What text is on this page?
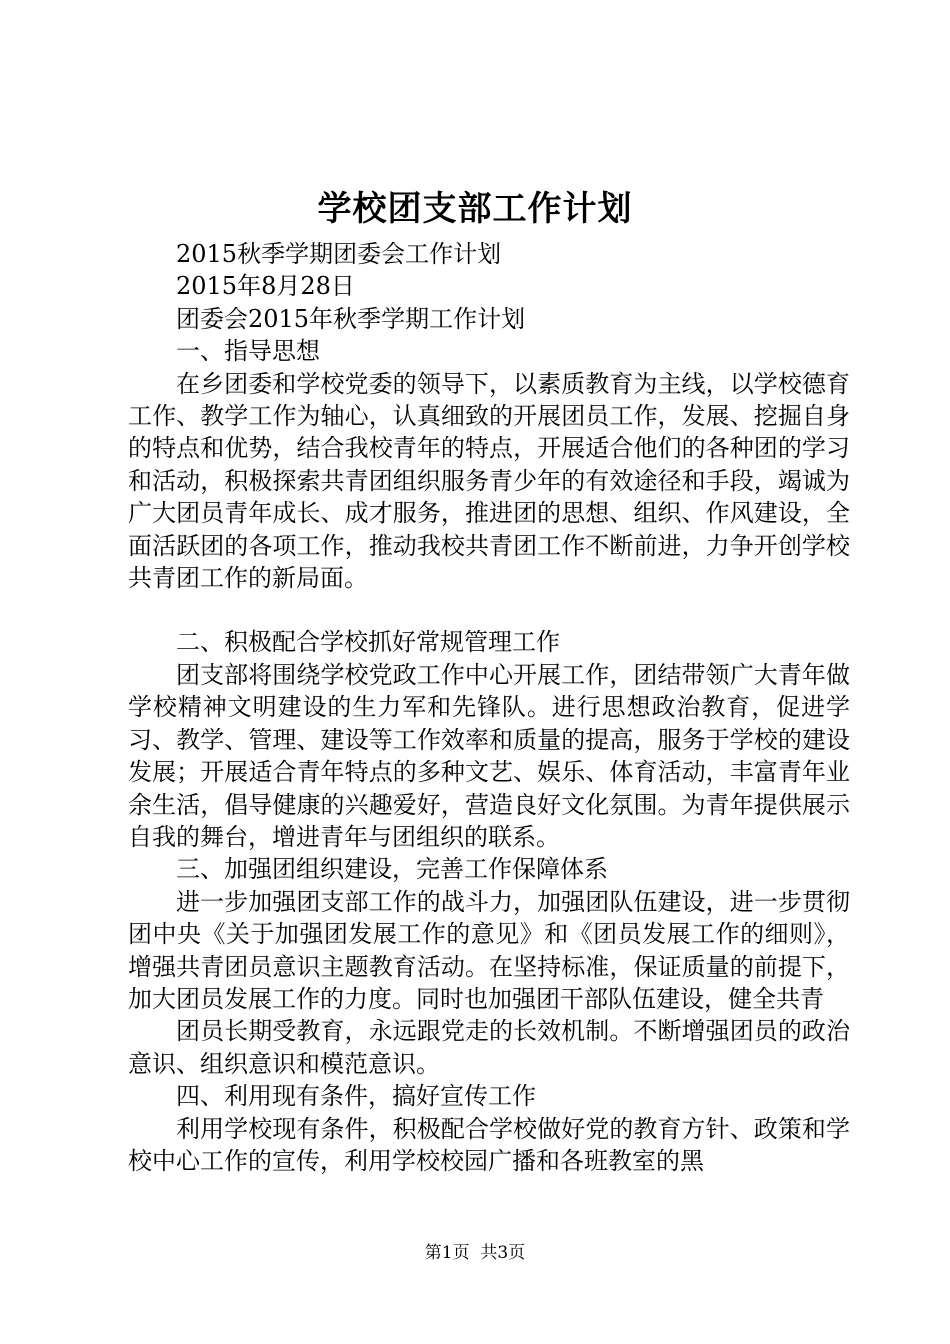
学校团支部工作计划

2015秋季学期团委会工作计划

2015年8月28日

团委会2015年秋季学期工作计划

一、指导思想

在乡团委和学校党委的领导下，以素质教育为主线，以学校德育工作、教学工作为轴心，认真细致的开展团员工作，发展、挖掘自身的特点和优势，结合我校青年的特点，开展适合他们的各种团的学习和活动，积极探索共青团组织服务青少年的有效途径和手段，竭诚为广大团员青年成长、成才服务，推进团的思想、组织、作风建设，全面活跃团的各项工作，推动我校共青团工作不断前进，力争开创学校共青团工作的新局面。

二、积极配合学校抓好常规管理工作

团支部将围绕学校党政工作中心开展工作，团结带领广大青年做学校精神文明建设的生力军和先锋队。进行思想政治教育，促进学习、教学、管理、建设等工作效率和质量的提高，服务于学校的建设发展；开展适合青年特点的多种文艺、娱乐、体育活动，丰富青年业余生活，倡导健康的兴趣爱好，营造良好文化氛围。为青年提供展示自我的舞台，增进青年与团组织的联系。

三、加强团组织建设，完善工作保障体系

进一步加强团支部工作的战斗力，加强团队伍建设，进一步贯彻团中央《关于加强团发展工作的意见》和《团员发展工作的细则》，增强共青团员意识主题教育活动。在坚持标准，保证质量的前提下，加大团员发展工作的力度。同时也加强团干部队伍建设，健全共青

团员长期受教育，永远跟党走的长效机制。不断增强团员的政治意识、组织意识和模范意识。

四、利用现有条件，搞好宣传工作

利用学校现有条件，积极配合学校做好党的教育方针、政策和学校中心工作的宣传，利用学校校园广播和各班教室的黑

第1页 共3页
